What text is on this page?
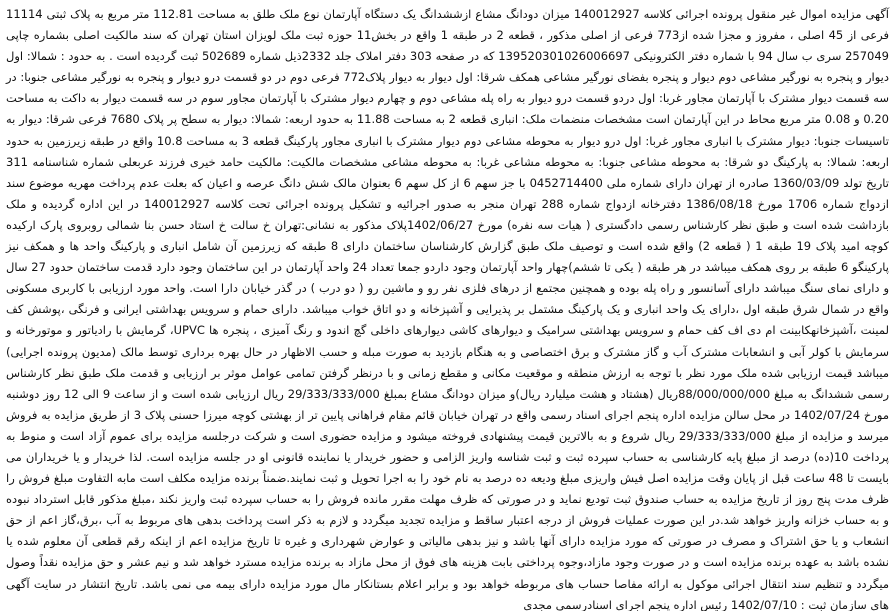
آگهی مزایده اموال غیر منقول پرونده اجرائی کلاسه 140012927 میزان دودانگ مشاع ازششدانگ یک دستگاه آپارتمان نوع ملک طلق به مساحت 112.81 متر مربع به پلاک ثبتی 11114 فرعی از 45 اصلی ، مفروز و مجزا شده از773 فرعی از اصلی مذکور ، قطعه 2 در طبقه 1 واقع در بخش11 حوزه ثبت ملک لویزان استان تهران که سند مالکیت اصلی بشماره چاپی 257049 سری ب سال 94 با شماره دفتر الکترونیکی 139520301026006697 که در صفحه 303 دفتر املاک جلد 2332ذیل شماره 502689 ثبت گردیده است . به حدود : شمالا: اول دیوار و پنجره به نورگیر مشاعی دوم دیوار و پنجره بفضای نورگیر مشاعی همکف شرقا: اول دیوار به دیوار پلاک772 فرعی دوم در دو قسمت درو دیوار و پنجره به نورگیر مشاعی جنوبا: در سه قسمت دیوار مشترک با آپارتمان مجاور غربا: اول دردو قسمت درو دیوار به راه پله مشاعی دوم و چهارم دیوار مشترک با آپارتمان مجاور سوم در سه قسمت دیوار به داکت به مساحت 0.20 و 0.08 متر مربع محاط در این آپارتمان است مشخصات منضمات ملک: انباری قطعه 2 به مساحت 11.88 به حدود اربعه: شمالا: دیوار به سطح پر پلاک 7680 فرعی شرقا: دیوار به تاسیسات جنوبا: دیوار مشترک با انباری مجاور غربا: اول درو دیوار به محوطه مشاعی دوم دیوار مشترک با انباری مجاور پارکینگ قطعه 3 به مساحت 10.8 واقع در طبقه زیرزمین به حدود اربعه: شمالا: به پارکینگ دو شرقا: به محوطه مشاعی جنوبا: به محوطه مشاعی غربا: به محوطه مشاعی مشخصات مالکیت: مالکیت حامد خیری فرزند عربعلی شماره شناسنامه 311 تاریخ تولد 1360/03/09 صادره از تهران دارای شماره ملی 0452714400 با جز سهم 6 از کل سهم 6 بعنوان مالک شش دانگ عرصه و اعیان که بعلت عدم پرداخت مهریه موضوع سند ازدواج شماره 1706 مورخ 1386/08/18 دفترخانه ازدواج شماره 288 تهران منجر به صدور اجرائیه و تشکیل پرونده اجرائی تحت کلاسه 140012927 در این اداره گردیده و ملک بازداشت شده است و طبق نظر کارشناس رسمی دادگستری ( هیات سه نفره) مورخ 1402/06/27پلاک مذکور به نشانی:تهران خ سالت خ استاد حسن بنا شمالی روبروی پارک ارکیده کوچه امید پلاک 19 طبقه 1 ( قطعه 2) واقع شده است و توصیف ملک طبق گزارش کارشناسان ساختمان دارای 8 طبقه که زیرزمین آن شامل انباری و پارکینگ واحد ها و همکف نیز پارکینگو 6 طبقه بر روی همکف میباشد در هر طبقه ( یکی تا ششم)چهار واحد آپارتمان وجود داردو جمعا تعداد 24 واحد آپارتمان در این ساختمان وجود دارد قدمت ساختمان حدود 27 سال و دارای نمای سنگ میباشد دارای آسانسور و راه پله بوده و همچنین مجتمع از درهای فلزی نفر رو و ماشین رو ( دو درب ) در گذر خیابان دارا است. واحد مورد ارزیابی با کاربری مسکونی واقع در شمال شرق طبقه اول ،دارای یک واحد انباری و یک پارکینگ مشتمل بر پذیرایی و آشپزخانه و دو اتاق خواب میباشد. دارای حمام و سرویس بهداشتی ایرانی و فرنگی ،پوشش کف لمینت ،آشپزخانهکابینت ام دی اف کف حمام و سرویس بهداشتی سرامیک و دیوارهای کاشی دیوارهای داخلی گچ اندود و رنگ آمیزی ، پنجره ها UPVC، گرمایش با رادیاتور و موتورخانه و سرمایش با کولر آبی و انشعابات مشترک آب و گاز مشترک و برق اختصاصی و به هنگام بازدید به صورت مبله و حسب الاظهار در حال بهره برداری توسط مالک (مدیون پرونده اجرایی) میباشد قیمت ارزیابی شده ملک مورد نظر با توجه به ارزش منطقه و موقعیت مکانی و مقطع زمانی و با درنظر گرفتن تمامی عوامل موثر بر ارزیابی و قدمت ملک طبق نظر کارشناس رسمی ششدانگ به مبلغ 88/000/000/000ریال (هشتاد و هشت میلیارد ریال)و میزان دودانگ مشاع بمبلغ 29/333/333/000 ریال ارزیابی شده است و از ساعت 9 الی 12 روز دوشنبه مورخ 1402/07/24 در محل سالن مزایده اداره پنجم اجرای اسناد رسمی واقع در تهران خیابان قائم مقام فراهانی پایین تر از بهشتی کوچه میرزا حسنی پلاک 3 از طریق مزایده به فروش میرسد و مزایده از مبلغ 29/333/333/000 ریال شروع و به بالاترین قیمت پیشنهادی فروخته میشود و مزایده حضوری است و شرکت درجلسه مزایده برای عموم آزاد است و منوط به پرداخت 10(ده) درصد از مبلغ پایه کارشناسی به حساب سپرده ثبت و ثبت شناسه واریز الزامی و حضور خریدار یا نماینده قانونی او در جلسه مزایده است. لذا خریدار و یا خریداران می بایست تا 48 ساعت قبل از پایان وقت مزایده اصل فیش واریزی مبلغ ودیعه ده درصد به نام خود را به اجرا تحویل و ثبت نمایند.ضمناً برنده مزایده مکلف است مابه التفاوت مبلغ فروش را ظرف مدت پنج روز از تاریخ مزایده به حساب صندوق ثبت تودیع نماید و در صورتی که ظرف مهلت مقرر مانده فروش را به حساب سپرده ثبت واریز نکند ،مبلغ مذکور قابل استرداد نبوده و به حساب خزانه واریز خواهد شد.در این صورت عملیات فروش از درجه اعتبار ساقط و مزایده تجدید میگردد و لازم به ذکر است پرداخت بدهی های مربوط به آب ،برق،گاز اعم از حق انشعاب و یا حق اشتراک و مصرف در صورتی که مورد مزایده دارای آنها باشد و نیز بدهی مالیاتی و عوارض شهرداری و غیره تا تاریخ مزایده اعم از اینکه رقم قطعی آن معلوم شده یا نشده باشد به عهده برنده مزایده است و در صورت وجود مازاد،وجوه پرداختی بابت هزینه های فوق از محل مازاد به برنده مزایده مسترد خواهد شد و نیم عشر و حق مزایده نقداً وصول میگردد و تنظیم سند انتقال اجرائی موکول به ارائه مفاصا حساب های مربوطه خواهد بود و برابر اعلام بستانکار مال مورد مزایده دارای بیمه می نمی باشد. تاریخ انتشار در سایت آگهی های سازمان ثبت : 1402/07/10 رئیس اداره پنجم اجرای اسنادرسمی مجدی
